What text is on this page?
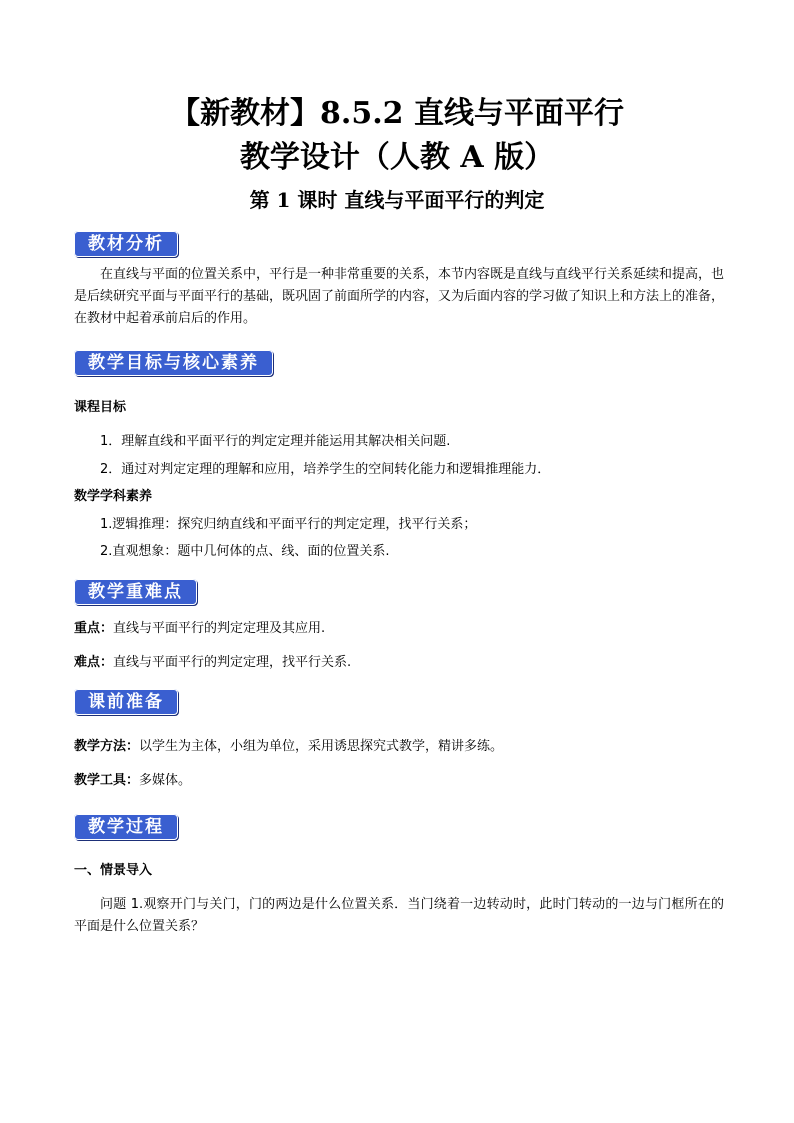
【新教材】8.5.2 直线与平面平行
教学设计（人教 A 版）
第 1 课时 直线与平面平行的判定
教材分析

在直线与平面的位置关系中，平行是一种非常重要的关系，本节内容既是直线与直线平行关系延续和提高，也是后续研究平面与平面平行的基础，既巩固了前面所学的内容，又为后面内容的学习做了知识上和方法上的准备，在教材中起着承前启后的作用。

教学目标与核心素养

课程目标

1．理解直线和平面平行的判定定理并能运用其解决相关问题.

2．通过对判定定理的理解和应用，培养学生的空间转化能力和逻辑推理能力．

数学学科素养

1.逻辑推理：探究归纳直线和平面平行的判定定理，找平行关系；

2.直观想象：题中几何体的点、线、面的位置关系.

教学重难点

重点：直线与平面平行的判定定理及其应用.

难点：直线与平面平行的判定定理，找平行关系.

课前准备

教学方法：以学生为主体，小组为单位，采用诱思探究式教学，精讲多练。

教学工具：多媒体。

教学过程

一、情景导入

问题 1.观察开门与关门，门的两边是什么位置关系．当门绕着一边转动时，此时门转动的一边与门框所在的平面是什么位置关系？
